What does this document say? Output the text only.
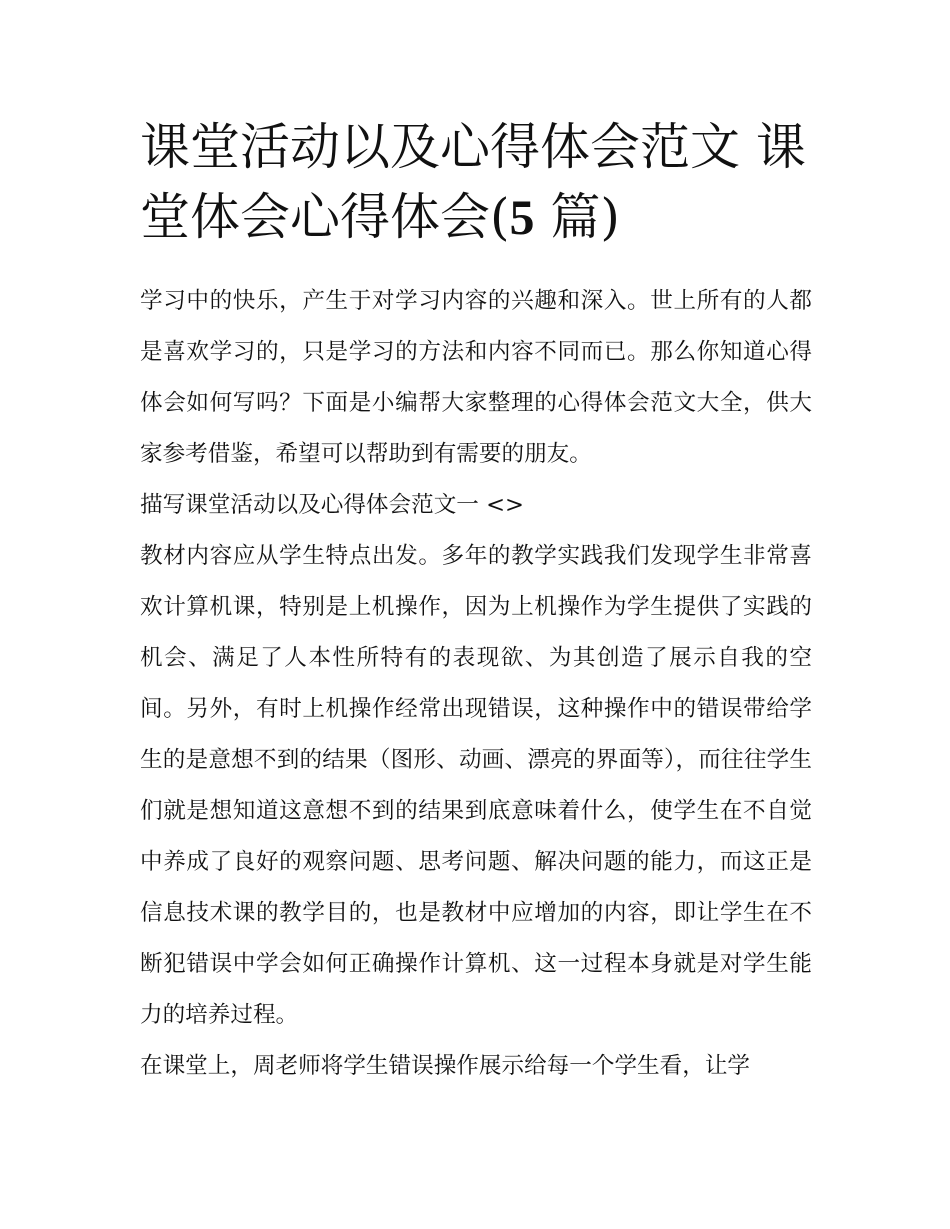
课堂活动以及心得体会范文 课堂体会心得体会(5 篇)

学习中的快乐，产生于对学习内容的兴趣和深入。世上所有的人都是喜欢学习的，只是学习的方法和内容不同而已。那么你知道心得体会如何写吗？下面是小编帮大家整理的心得体会范文大全，供大家参考借鉴，希望可以帮助到有需要的朋友。

描写课堂活动以及心得体会范文一 <>

教材内容应从学生特点出发。多年的教学实践我们发现学生非常喜欢计算机课，特别是上机操作，因为上机操作为学生提供了实践的机会、满足了人本性所特有的表现欲、为其创造了展示自我的空间。另外，有时上机操作经常出现错误，这种操作中的错误带给学生的是意想不到的结果（图形、动画、漂亮的界面等），而往往学生们就是想知道这意想不到的结果到底意味着什么，使学生在不自觉中养成了良好的观察问题、思考问题、解决问题的能力，而这正是信息技术课的教学目的，也是教材中应增加的内容，即让学生在不断犯错误中学会如何正确操作计算机、这一过程本身就是对学生能力的培养过程。

在课堂上，周老师将学生错误操作展示给每一个学生看，让学
